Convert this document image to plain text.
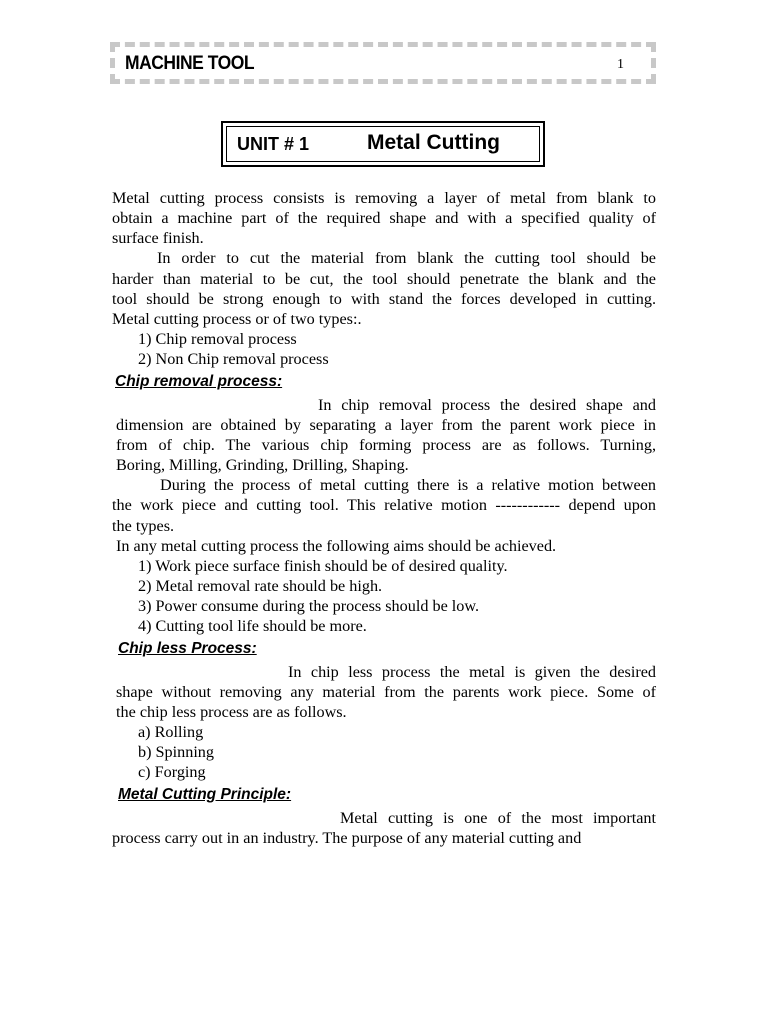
MACHINE TOOL	1
UNIT # 1	Metal Cutting
Metal cutting process consists is removing a layer of metal from blank to
obtain a machine part of the required shape and with a specified quality of
surface finish.
In order to cut the material from blank the cutting tool should be
harder than material to be cut, the tool should penetrate the blank and the
tool should be strong enough to with stand the forces developed in cutting.
Metal cutting process or of two types:.
1) Chip removal process
2) Non Chip removal process
Chip removal process:
In chip removal process the desired shape and
dimension are obtained by separating a layer from the parent work piece in
from of chip. The various chip forming process are as follows. Turning,
Boring, Milling, Grinding, Drilling, Shaping.
During the process of metal cutting there is a relative motion between
the work piece and cutting tool. This relative motion ------------ depend upon
the types.
In any metal cutting process the following aims should be achieved.
1) Work piece surface finish should be of desired quality.
2) Metal removal rate should be high.
3) Power consume during the process should be low.
4) Cutting tool life should be more.
Chip less Process:
In chip less process the metal is given the desired
shape without removing any material from the parents work piece. Some of
the chip less process are as follows.
a) Rolling
b) Spinning
c) Forging
Metal Cutting Principle:
Metal cutting is one of the most important
process carry out in an industry. The purpose of any material cutting and
